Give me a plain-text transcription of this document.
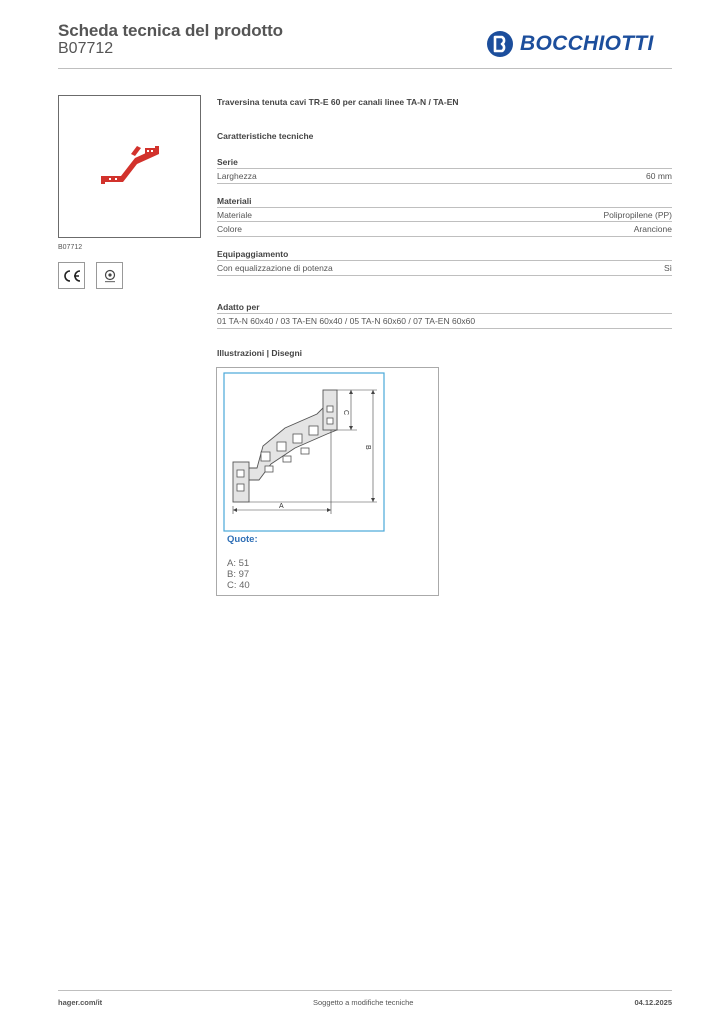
Scheda tecnica del prodotto
B07712	BOCCHIOTTI
B07712
Traversina tenuta cavi TR-E 60 per canali linee TA-N / TA-EN
Caratteristiche tecniche
Serie
Larghezza	60 mm
Materiali
Materiale	Polipropilene (PP)
Colore	Arancione
Equipaggiamento
Con equalizzazione di potenza	Sì
Adatto per
01 TA-N 60x40 / 03 TA-EN 60x40 / 05 TA-N 60x60 / 07 TA-EN 60x60
Illustrazioni | Disegni
C
B
A
Quote:
A: 51
B: 97
C: 40
hager.com/it	Soggetto a modifiche tecniche	04.12.2025
